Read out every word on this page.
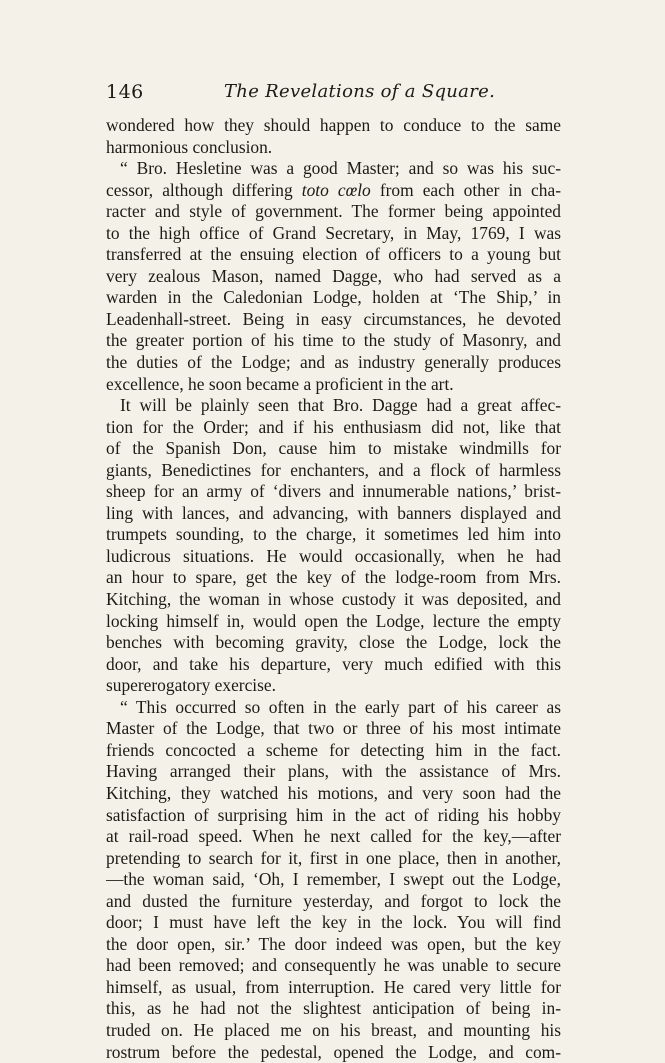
146	The Revelations of a Square.
wondered how they should happen to conduce to the same
harmonious conclusion.
“ Bro. Hesletine was a good Master; and so was his suc-
cessor, although differing toto cœlo from each other in cha-
racter and style of government. The former being appointed
to the high office of Grand Secretary, in May, 1769, I was
transferred at the ensuing election of officers to a young but
very zealous Mason, named Dagge, who had served as a
warden in the Caledonian Lodge, holden at ‘The Ship,’ in
Leadenhall-street. Being in easy circumstances, he devoted
the greater portion of his time to the study of Masonry, and
the duties of the Lodge; and as industry generally produces
excellence, he soon became a proficient in the art.
It will be plainly seen that Bro. Dagge had a great affec-
tion for the Order; and if his enthusiasm did not, like that
of the Spanish Don, cause him to mistake windmills for
giants, Benedictines for enchanters, and a flock of harmless
sheep for an army of ‘divers and innumerable nations,’ brist-
ling with lances, and advancing, with banners displayed and
trumpets sounding, to the charge, it sometimes led him into
ludicrous situations. He would occasionally, when he had
an hour to spare, get the key of the lodge-room from Mrs.
Kitching, the woman in whose custody it was deposited, and
locking himself in, would open the Lodge, lecture the empty
benches with becoming gravity, close the Lodge, lock the
door, and take his departure, very much edified with this
supererogatory exercise.
“ This occurred so often in the early part of his career as
Master of the Lodge, that two or three of his most intimate
friends concocted a scheme for detecting him in the fact.
Having arranged their plans, with the assistance of Mrs.
Kitching, they watched his motions, and very soon had the
satisfaction of surprising him in the act of riding his hobby
at rail-road speed. When he next called for the key,—after
pretending to search for it, first in one place, then in another,
—the woman said, ‘Oh, I remember, I swept out the Lodge,
and dusted the furniture yesterday, and forgot to lock the
door; I must have left the key in the lock. You will find
the door open, sir.’ The door indeed was open, but the key
had been removed; and consequently he was unable to secure
himself, as usual, from interruption. He cared very little for
this, as he had not the slightest anticipation of being in-
truded on. He placed me on his breast, and mounting his
rostrum before the pedestal, opened the Lodge, and com-
